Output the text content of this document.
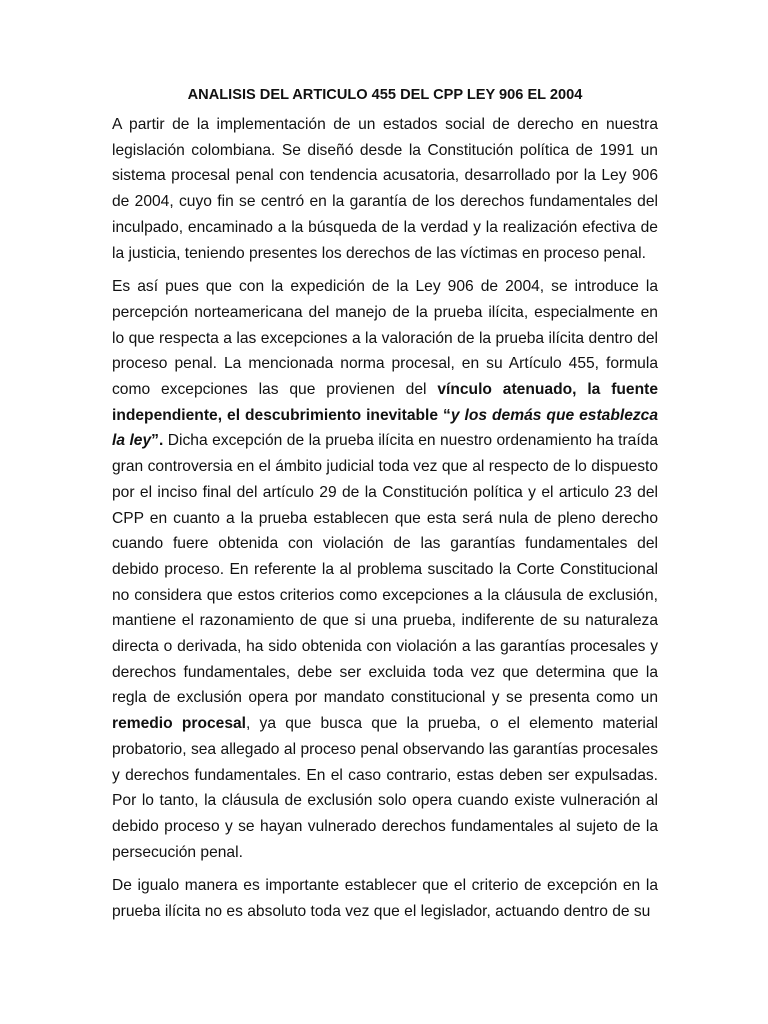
ANALISIS DEL ARTICULO 455 DEL CPP LEY 906 EL 2004

A partir de la implementación de un estados social de derecho en nuestra legislación colombiana. Se diseñó desde la Constitución política de 1991 un sistema procesal penal con tendencia acusatoria, desarrollado por la Ley 906 de 2004, cuyo fin se centró en la garantía de los derechos fundamentales del inculpado, encaminado a la búsqueda de la verdad y la realización efectiva de la justicia, teniendo presentes los derechos de las víctimas en proceso penal.

Es así pues que con la expedición de la Ley 906 de 2004, se introduce la percepción norteamericana del manejo de la prueba ilícita, especialmente en lo que respecta a las excepciones a la valoración de la prueba ilícita dentro del proceso penal. La mencionada norma procesal, en su Artículo 455, formula como excepciones las que provienen del vínculo atenuado, la fuente independiente, el descubrimiento inevitable “y los demás que establezca la ley”. Dicha excepción de la prueba ilícita en nuestro ordenamiento ha traída gran controversia en el ámbito judicial toda vez que al respecto de lo dispuesto por el inciso final del artículo 29 de la Constitución política y el articulo 23 del CPP en cuanto a la prueba establecen que esta será nula de pleno derecho cuando fuere obtenida con violación de las garantías fundamentales del debido proceso. En referente la al problema suscitado la Corte Constitucional no considera que estos criterios como excepciones a la cláusula de exclusión, mantiene el razonamiento de que si una prueba, indiferente de su naturaleza directa o derivada, ha sido obtenida con violación a las garantías procesales y derechos fundamentales, debe ser excluida toda vez que determina que la regla de exclusión opera por mandato constitucional y se presenta como un remedio procesal, ya que busca que la prueba, o el elemento material probatorio, sea allegado al proceso penal observando las garantías procesales y derechos fundamentales. En el caso contrario, estas deben ser expulsadas. Por lo tanto, la cláusula de exclusión solo opera cuando existe vulneración al debido proceso y se hayan vulnerado derechos fundamentales al sujeto de la persecución penal.

De igualo manera es importante establecer que el criterio de excepción en la prueba ilícita no es absoluto toda vez que el legislador, actuando dentro de su
